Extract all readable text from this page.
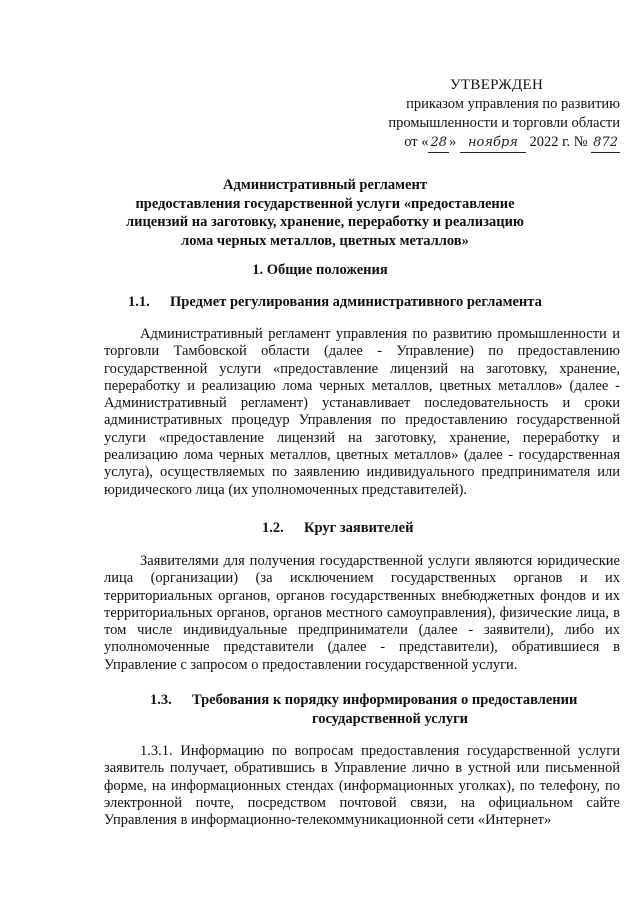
УТВЕРЖДЕН
приказом управления по развитию
промышленности и торговли области
от « 28 » ноября 2022 г. № 872
Административный регламент
предоставления государственной услуги «предоставление
лицензий на заготовку, хранение, переработку и реализацию
лома черных металлов, цветных металлов»
1. Общие положения
1.1. Предмет регулирования административного регламента
Административный регламент управления по развитию промышленности и торговли Тамбовской области (далее - Управление) по предоставлению государственной услуги «предоставление лицензий на заготовку, хранение, переработку и реализацию лома черных металлов, цветных металлов» (далее - Административный регламент) устанавливает последовательность и сроки административных процедур Управления по предоставлению государственной услуги «предоставление лицензий на заготовку, хранение, переработку и реализацию лома черных металлов, цветных металлов» (далее - государственная услуга), осуществляемых по заявлению индивидуального предпринимателя или юридического лица (их уполномоченных представителей).
1.2. Круг заявителей
Заявителями для получения государственной услуги являются юридические лица (организации) (за исключением государственных органов и их территориальных органов, органов государственных внебюджетных фондов и их территориальных органов, органов местного самоуправления), физические лица, в том числе индивидуальные предприниматели (далее - заявители), либо их уполномоченные представители (далее - представители), обратившиеся в Управление с запросом о предоставлении государственной услуги.
1.3. Требования к порядку информирования о предоставлении
государственной услуги
1.3.1. Информацию по вопросам предоставления государственной услуги заявитель получает, обратившись в Управление лично в устной или письменной форме, на информационных стендах (информационных уголках), по телефону, по электронной почте, посредством почтовой связи, на официальном сайте Управления в информационно-телекоммуникационной сети «Интернет»
